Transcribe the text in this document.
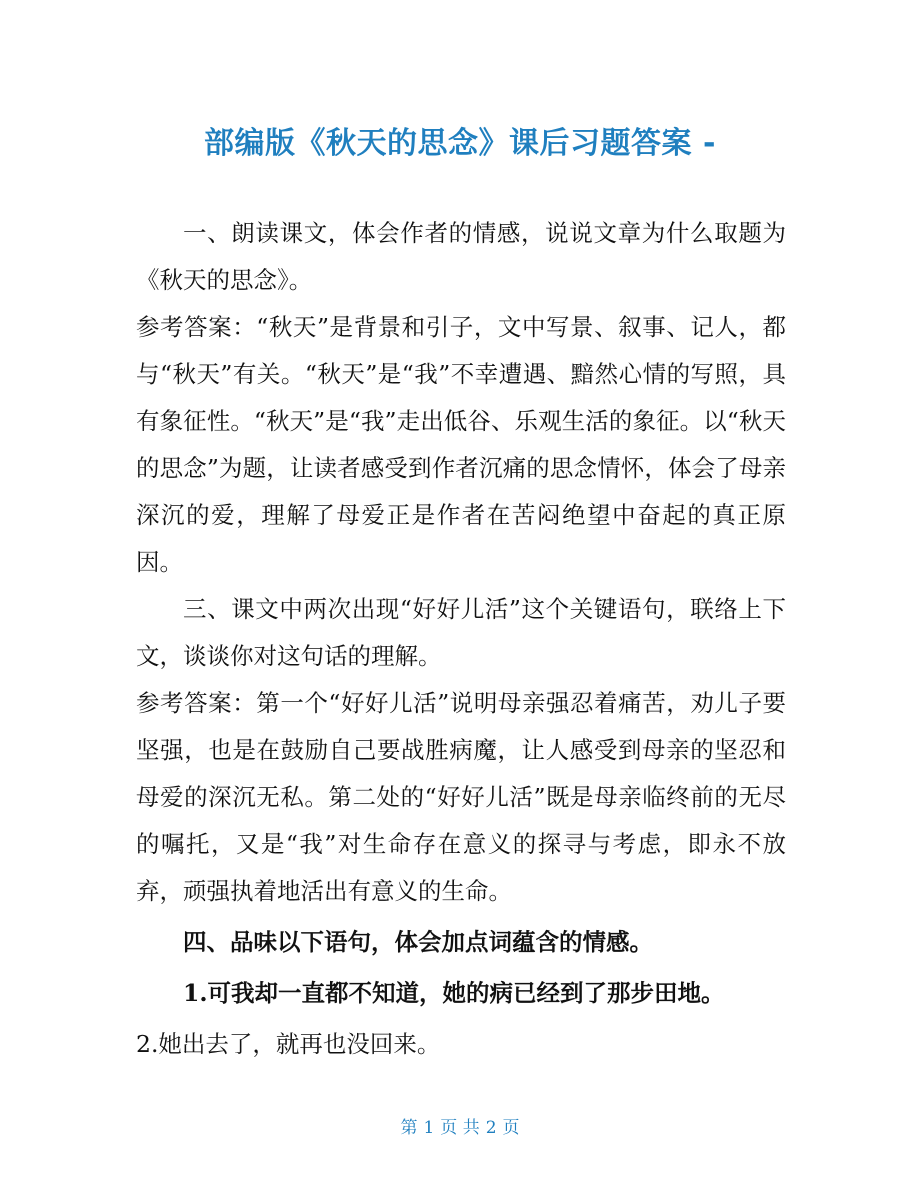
部编版《秋天的思念》课后习题答案 -

一、朗读课文，体会作者的情感，说说文章为什么取题为《秋天的思念》。

参考答案：“秋天”是背景和引子，文中写景、叙事、记人，都与“秋天”有关。“秋天”是“我”不幸遭遇、黯然心情的写照，具有象征性。“秋天”是“我”走出低谷、乐观生活的象征。以“秋天的思念”为题，让读者感受到作者沉痛的思念情怀，体会了母亲深沉的爱，理解了母爱正是作者在苦闷绝望中奋起的真正原因。

三、课文中两次出现“好好儿活”这个关键语句，联络上下文，谈谈你对这句话的理解。

参考答案：第一个“好好儿活”说明母亲强忍着痛苦，劝儿子要坚强，也是在鼓励自己要战胜病魔，让人感受到母亲的坚忍和母爱的深沉无私。第二处的“好好儿活”既是母亲临终前的无尽的嘱托，又是“我”对生命存在意义的探寻与考虑，即永不放弃，顽强执着地活出有意义的生命。

四、品味以下语句，体会加点词蕴含的情感。

1.可我却一直都不知道，她的病已经到了那步田地。

2.她出去了，就再也没回来。

第 1 页 共 2 页
